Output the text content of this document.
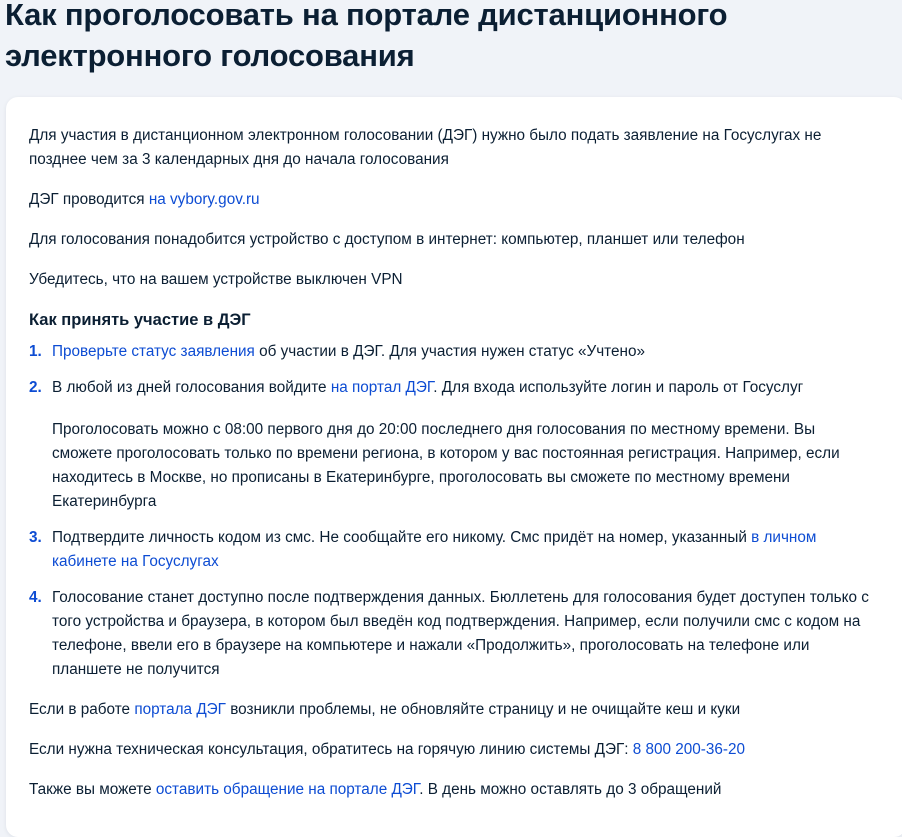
Как проголосовать на портале дистанционного электронного голосования

Для участия в дистанционном электронном голосовании (ДЭГ) нужно было подать заявление на Госуслугах не позднее чем за 3 календарных дня до начала голосования

ДЭГ проводится на vybory.gov.ru

Для голосования понадобится устройство с доступом в интернет: компьютер, планшет или телефон

Убедитесь, что на вашем устройстве выключен VPN

Как принять участие в ДЭГ
1. Проверьте статус заявления об участии в ДЭГ. Для участия нужен статус «Учтено»
2. В любой из дней голосования войдите на портал ДЭГ. Для входа используйте логин и пароль от Госуслуг

Проголосовать можно с 08:00 первого дня до 20:00 последнего дня голосования по местному времени. Вы сможете проголосовать только по времени региона, в котором у вас постоянная регистрация. Например, если находитесь в Москве, но прописаны в Екатеринбурге, проголосовать вы сможете по местному времени Екатеринбурга

3. Подтвердите личность кодом из смс. Не сообщайте его никому. Смс придёт на номер, указанный в личном кабинете на Госуслугах
4. Голосование станет доступно после подтверждения данных. Бюллетень для голосования будет доступен только с того устройства и браузера, в котором был введён код подтверждения. Например, если получили смс с кодом на телефоне, ввели его в браузере на компьютере и нажали «Продолжить», проголосовать на телефоне или планшете не получится

Если в работе портала ДЭГ возникли проблемы, не обновляйте страницу и не очищайте кеш и куки

Если нужна техническая консультация, обратитесь на горячую линию системы ДЭГ: 8 800 200-36-20

Также вы можете оставить обращение на портале ДЭГ. В день можно оставлять до 3 обращений
